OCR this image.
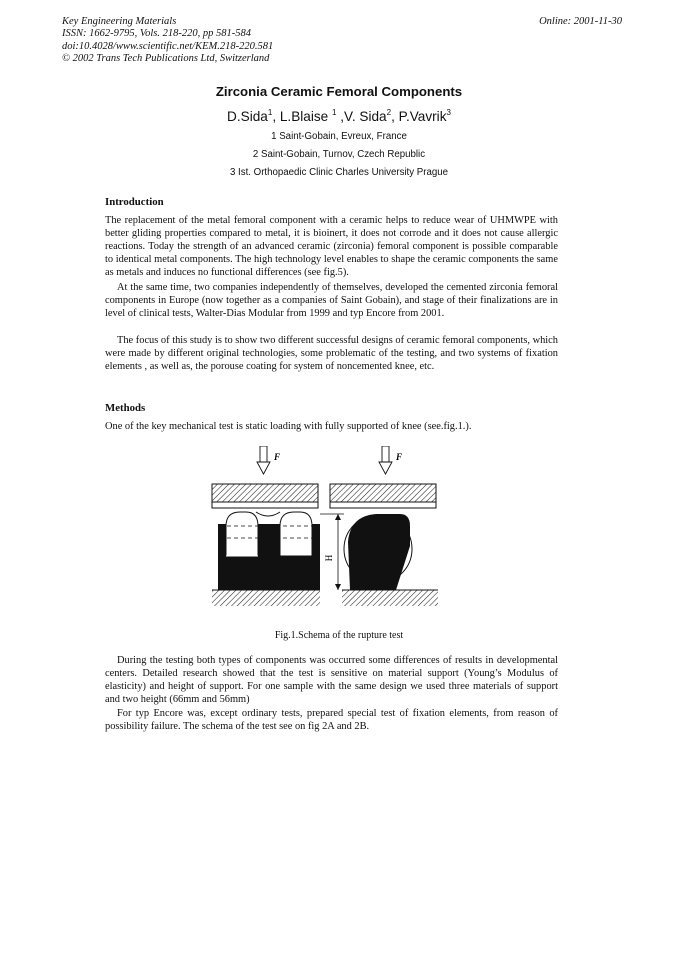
Key Engineering Materials
ISSN: 1662-9795, Vols. 218-220, pp 581-584
doi:10.4028/www.scientific.net/KEM.218-220.581
© 2002 Trans Tech Publications Ltd, Switzerland
Online: 2001-11-30
Zirconia Ceramic Femoral Components
D.Sida$^1$, L.Blaise $^1$ ,V. Sida$^2$, P.Vavrik$^3$
1 Saint-Gobain, Evreux, France
2 Saint-Gobain, Turnov, Czech Republic
3 Ist. Orthopaedic Clinic Charles University Prague
Introduction

The replacement of the metal femoral component with a ceramic helps to reduce wear of UHMWPE with better gliding properties compared to metal, it is bioinert, it does not corrode and it does not cause allergic reactions. Today the strength of an advanced ceramic (zirconia) femoral component is possible comparable to identical metal components. The high technology level enables to shape the ceramic components the same as metals and induces no functional differences (see fig.5).

At the same time, two companies independently of themselves, developed the cemented zirconia femoral components in Europe (now together as a companies of Saint Gobain), and stage of their finalizations are in level of clinical tests, Walter-Dias Modular from 1999 and typ Encore from 2001.

The focus of this study is to show two different successful designs of ceramic femoral components, which were made by different original technologies, some problematic of the testing, and two systems of fixation elements , as well as, the porouse coating for system of noncemented knee, etc.

Methods

One of the key mechanical test is static loading with fully supported of knee (see.fig.1.).

F	F
H
Fig.1.Schema of the rupture test

During the testing both types of components was occurred some differences of results in developmental centers. Detailed research showed that the test is sensitive on material support (Young’s Modulus of elasticity) and height of support. For one sample with the same design we used three materials of support and two height (66mm and 56mm)

For typ Encore was, except ordinary tests, prepared special test of fixation elements, from reason of possibility failure. The schema of the test see on fig 2A and 2B.
